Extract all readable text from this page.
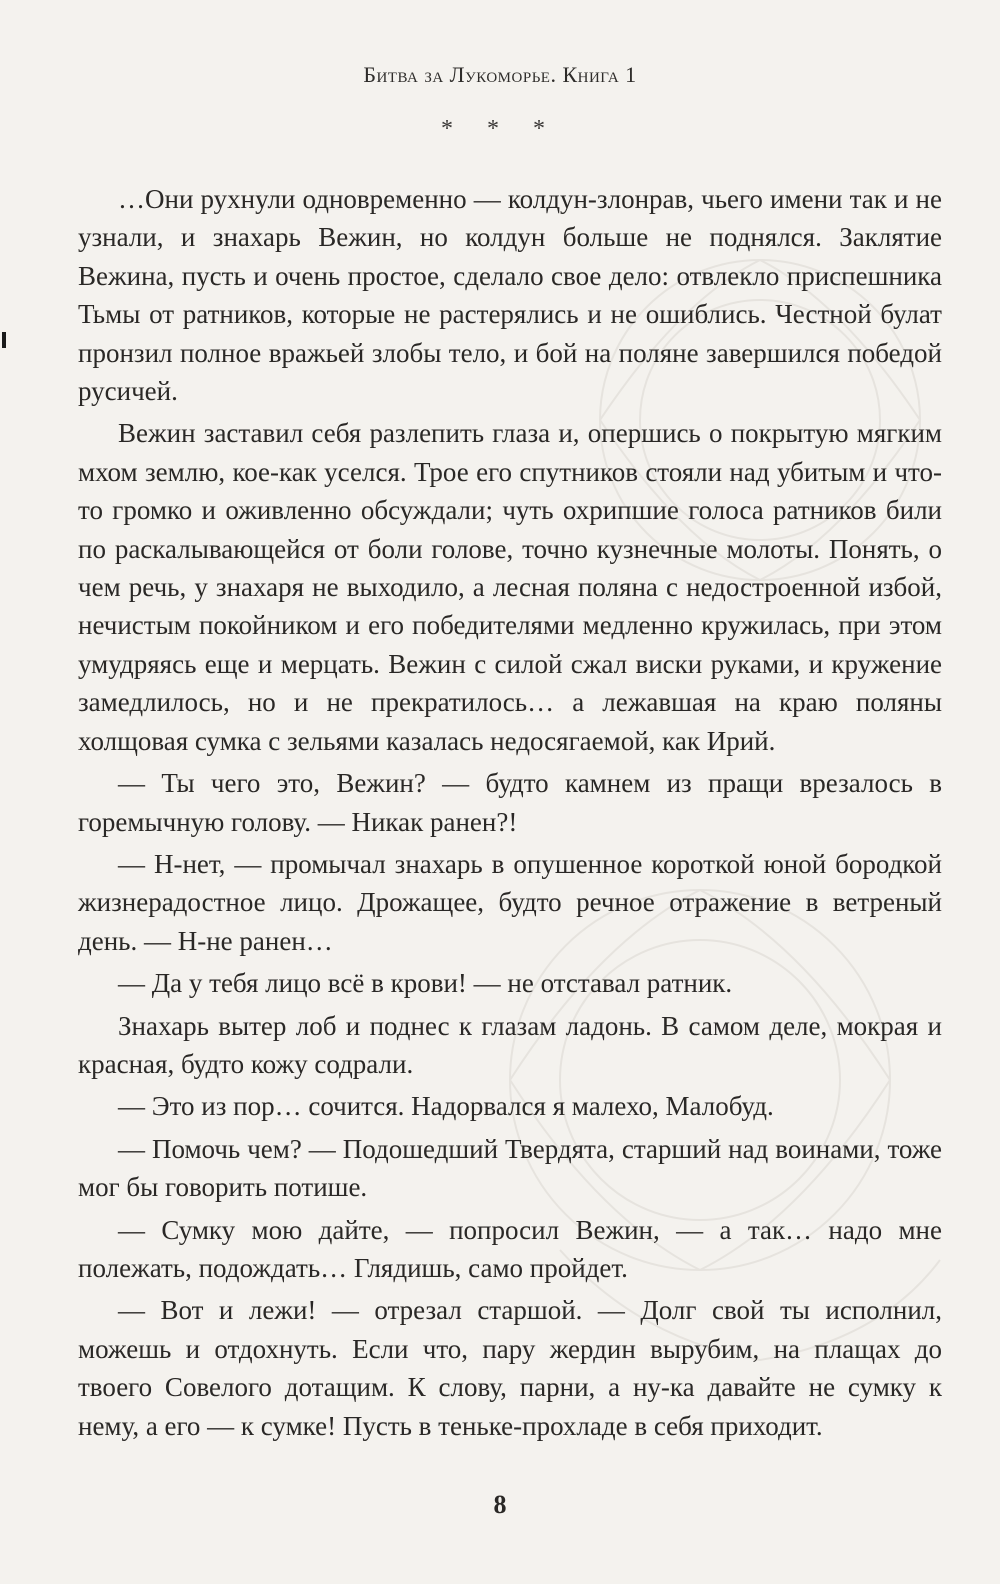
Битва за Лукоморье. Книга 1
* * *

…Они рухнули одновременно — колдун-злонрав, чьего имени так и не узнали, и знахарь Вежин, но колдун больше не поднялся. Заклятие Вежина, пусть и очень простое, сделало свое дело: отвлекло приспешника Тьмы от ратников, которые не растерялись и не ошиблись. Честной булат пронзил полное вражьей злобы тело, и бой на поляне завершился победой русичей.

Вежин заставил себя разлепить глаза и, опершись о покрытую мягким мхом землю, кое-как уселся. Трое его спутников стояли над убитым и что-то громко и оживленно обсуждали; чуть охрипшие голоса ратников били по раскалывающейся от боли голове, точно кузнечные молоты. Понять, о чем речь, у знахаря не выходило, а лесная поляна с недостроенной избой, нечистым покойником и его победителями медленно кружилась, при этом умудряясь еще и мерцать. Вежин с силой сжал виски руками, и кружение замедлилось, но и не прекратилось… а лежавшая на краю поляны холщовая сумка с зельями казалась недосягаемой, как Ирий.

— Ты чего это, Вежин? — будто камнем из пращи врезалось в горемычную голову. — Никак ранен?!

— Н-нет, — промычал знахарь в опушенное короткой юной бородкой жизнерадостное лицо. Дрожащее, будто речное отражение в ветреный день. — Н-не ранен…

— Да у тебя лицо всё в крови! — не отставал ратник.

Знахарь вытер лоб и поднес к глазам ладонь. В самом деле, мокрая и красная, будто кожу содрали.

— Это из пор… сочится. Надорвался я малехо, Малобуд.

— Помочь чем? — Подошедший Твердята, старший над воинами, тоже мог бы говорить потише.

— Сумку мою дайте, — попросил Вежин, — а так… надо мне полежать, подождать… Глядишь, само пройдет.

— Вот и лежи! — отрезал старшой. — Долг свой ты исполнил, можешь и отдохнуть. Если что, пару жердин вырубим, на плащах до твоего Совелого дотащим. К слову, парни, а ну-ка давайте не сумку к нему, а его — к сумке! Пусть в теньке-прохладе в себя приходит.

8
